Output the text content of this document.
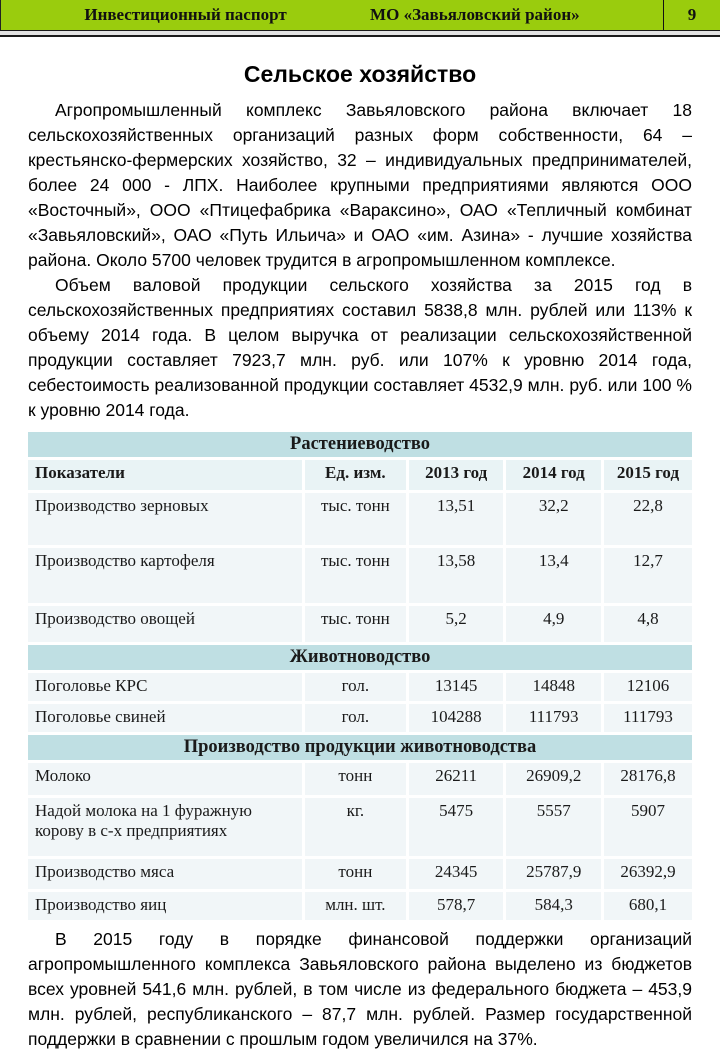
Инвестиционный паспорт	МО «Завьяловский район»	9
Сельское хозяйство

Агропромышленный комплекс Завьяловского района включает 18 сельскохозяйственных организаций разных форм собственности, 64 – крестьянско-фермерских хозяйство, 32 – индивидуальных предпринимателей, более 24 000 - ЛПХ. Наиболее крупными предприятиями являются ООО «Восточный», ООО «Птицефабрика «Вараксино», ОАО «Тепличный комбинат «Завьяловский», ОАО «Путь Ильича» и ОАО «им. Азина» - лучшие хозяйства района. Около 5700 человек трудится в агропромышленном комплексе.

Объем валовой продукции сельского хозяйства за 2015 год в сельскохозяйственных предприятиях составил 5838,8 млн. рублей или 113% к объему 2014 года. В целом выручка от реализации сельскохозяйственной продукции составляет 7923,7 млн. руб. или 107% к уровню 2014 года, себестоимость реализованной продукции составляет 4532,9 млн. руб. или 100 % к уровню 2014 года.

Растениеводство				
Показатели	Ед. изм.	2013 год	2014 год	2015 год
Производство зерновых	тыс. тонн	13,51	32,2	22,8
Производство картофеля	тыс. тонн	13,58	13,4	12,7
Производство овощей	тыс. тонн	5,2	4,9	4,8
Животноводство				
Поголовье КРС	гол.	13145	14848	12106
Поголовье свиней	гол.	104288	111793	111793
Производство продукции животноводства				
Молоко	тонн	26211	26909,2	28176,8
Надой молока на 1 фуражную корову в с-х предприятиях	кг.	5475	5557	5907
Производство мяса	тонн	24345	25787,9	26392,9
Производство яиц	млн. шт.	578,7	584,3	680,1

В 2015 году в порядке финансовой поддержки организаций агропромышленного комплекса Завьяловского района выделено из бюджетов всех уровней 541,6 млн. рублей, в том числе из федерального бюджета – 453,9 млн. рублей, республиканского – 87,7 млн. рублей. Размер государственной поддержки в сравнении с прошлым годом увеличился на 37%.
